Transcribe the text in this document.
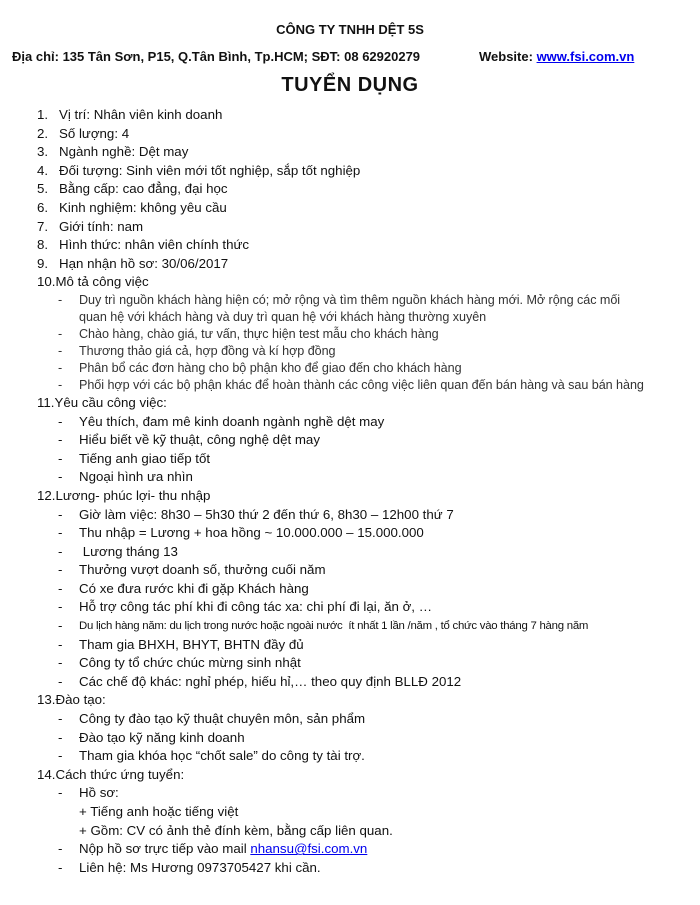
CÔNG TY TNHH DỆT 5S
Địa chỉ: 135 Tân Sơn, P15, Q.Tân Bình, Tp.HCM; SĐT: 08 62920279	Website: www.fsi.com.vn
TUYỂN DỤNG
1. Vị trí: Nhân viên kinh doanh
2. Số lượng: 4
3. Ngành nghề: Dệt may
4. Đối tượng: Sinh viên mới tốt nghiệp, sắp tốt nghiệp
5. Bằng cấp: cao đẳng, đại học
6. Kinh nghiệm: không yêu cầu
7. Giới tính: nam
8. Hình thức: nhân viên chính thức
9. Hạn nhận hồ sơ: 30/06/2017
10.Mô tả công việc
- Duy trì nguồn khách hàng hiện có; mở rộng và tìm thêm nguồn khách hàng mới. Mở rộng các mối
quan hệ với khách hàng và duy trì quan hệ với khách hàng thường xuyên
- Chào hàng, chào giá, tư vấn, thực hiện test mẫu cho khách hàng
- Thương thảo giá cả, hợp đồng và kí hợp đồng
- Phân bổ các đơn hàng cho bộ phận kho để giao đến cho khách hàng
- Phối hợp với các bộ phận khác để hoàn thành các công việc liên quan đến bán hàng và sau bán hàng
11.Yêu cầu công việc:
- Yêu thích, đam mê kinh doanh ngành nghề dệt may
- Hiểu biết về kỹ thuật, công nghệ dệt may
- Tiếng anh giao tiếp tốt
- Ngoại hình ưa nhìn
12.Lương- phúc lợi- thu nhập
- Giờ làm việc: 8h30 – 5h30 thứ 2 đến thứ 6, 8h30 – 12h00 thứ 7
- Thu nhập = Lương + hoa hồng ~ 10.000.000 – 15.000.000
- Lương tháng 13
- Thưởng vượt doanh số, thưởng cuối năm
- Có xe đưa rước khi đi gặp Khách hàng
- Hỗ trợ công tác phí khi đi công tác xa: chi phí đi lại, ăn ở, …
- Du lịch hàng năm: du lịch trong nước hoặc ngoài nước  ít nhất 1 lần /năm , tổ chức vào tháng 7 hàng năm
- Tham gia BHXH, BHYT, BHTN đầy đủ
- Công ty tổ chức chúc mừng sinh nhật
- Các chế độ khác: nghỉ phép, hiếu hỉ,… theo quy định BLLĐ 2012
13.Đào tạo:
- Công ty đào tạo kỹ thuật chuyên môn, sản phẩm
- Đào tạo kỹ năng kinh doanh
- Tham gia khóa học “chốt sale” do công ty tài trợ.
14.Cách thức ứng tuyển:
- Hồ sơ:
+ Tiếng anh hoặc tiếng việt
+ Gồm: CV có ảnh thẻ đính kèm, bằng cấp liên quan.
- Nộp hồ sơ trực tiếp vào mail nhansu@fsi.com.vn
- Liên hệ: Ms Hương 0973705427 khi cần.
